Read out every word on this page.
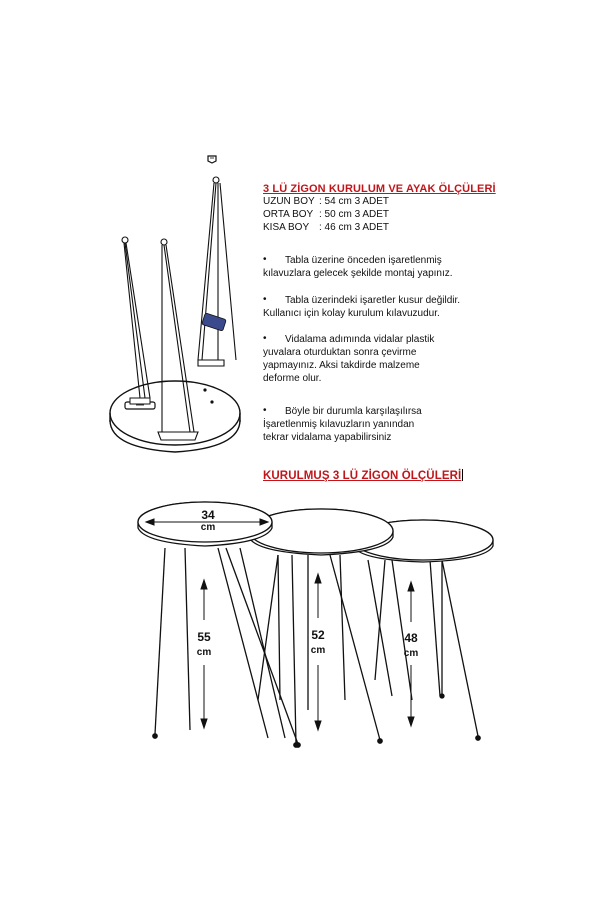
3 LÜ ZİGON KURULUM VE AYAK ÖLÇÜLERİ
UZUN BOY : 54 cm 3 ADET
ORTA BOY : 50 cm 3 ADET
KISA BOY : 46 cm 3 ADET
•	Tabla üzerine önceden işaretlenmiş kılavuzlara gelecek şekilde montaj yapınız.
•	Tabla üzerindeki işaretler kusur değildir. Kullanıcı için kolay kurulum kılavuzudur.
•	Vidalama adımında vidalar plastik yuvalara oturduktan sonra çevirme yapmayınız. Aksi takdirde malzeme deforme olur.
•	Böyle bir durumla karşılaşılırsa İşaretlenmiş kılavuzların yanından tekrar vidalama yapabilirsiniz
KURULMUŞ 3 LÜ ZİGON ÖLÇÜLERİ
34
cm
55
cm
52
cm
48
cm
